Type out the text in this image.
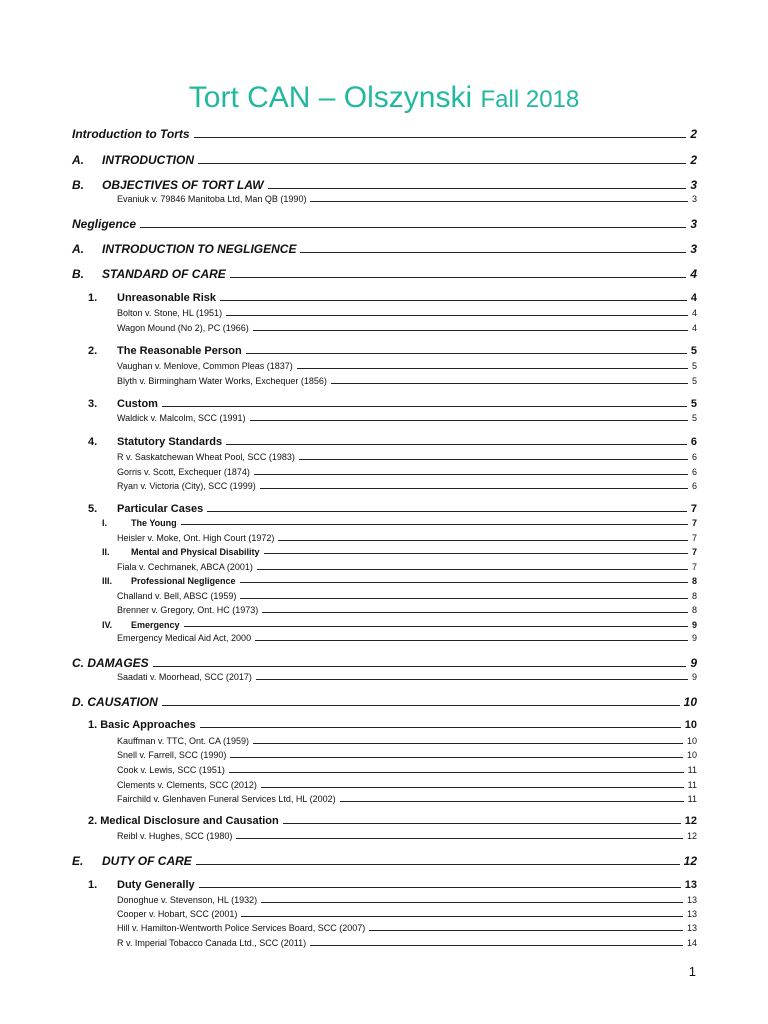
Tort CAN – Olszynski Fall 2018
Introduction to Torts	2
A.	INTRODUCTION	2
B.	OBJECTIVES OF TORT LAW	3
Evaniuk v. 79846 Manitoba Ltd, Man QB (1990)	3
Negligence	3
A.	INTRODUCTION TO NEGLIGENCE	3
B.	STANDARD OF CARE	4
1.	Unreasonable Risk	4
Bolton v. Stone, HL (1951)	4
Wagon Mound (No 2), PC (1966)	4
2.	The Reasonable Person	5
Vaughan v. Menlove, Common Pleas (1837)	5
Blyth v. Birmingham Water Works, Exchequer (1856)	5
3.	Custom	5
Waldick v. Malcolm, SCC (1991)	5
4.	Statutory Standards	6
R v. Saskatchewan Wheat Pool, SCC (1983)	6
Gorris v. Scott, Exchequer (1874)	6
Ryan v. Victoria (City), SCC (1999)	6
5.	Particular Cases	7
I.	The Young	7
Heisler v. Moke, Ont. High Court (1972)	7
II.	Mental and Physical Disability	7
Fiala v. Cechmanek, ABCA (2001)	7
III.	Professional Negligence	8
Challand v. Bell, ABSC (1959)	8
Brenner v. Gregory, Ont. HC (1973)	8
IV.	Emergency	9
Emergency Medical Aid Act, 2000	9
C. DAMAGES	9
Saadati v. Moorhead, SCC (2017)	9
D. CAUSATION	10
1. Basic Approaches	10
Kauffman v. TTC, Ont. CA (1959)	10
Snell v. Farrell, SCC (1990)	10
Cook v. Lewis, SCC (1951)	11
Clements v. Clements, SCC (2012)	11
Fairchild v. Glenhaven Funeral Services Ltd, HL (2002)	11
2. Medical Disclosure and Causation	12
Reibl v. Hughes, SCC (1980)	12
E.	DUTY OF CARE	12
1.	Duty Generally	13
Donoghue v. Stevenson, HL (1932)	13
Cooper v. Hobart, SCC (2001)	13
Hill v. Hamilton-Wentworth Police Services Board, SCC (2007)	13
R v. Imperial Tobacco Canada Ltd., SCC (2011)	14
1
